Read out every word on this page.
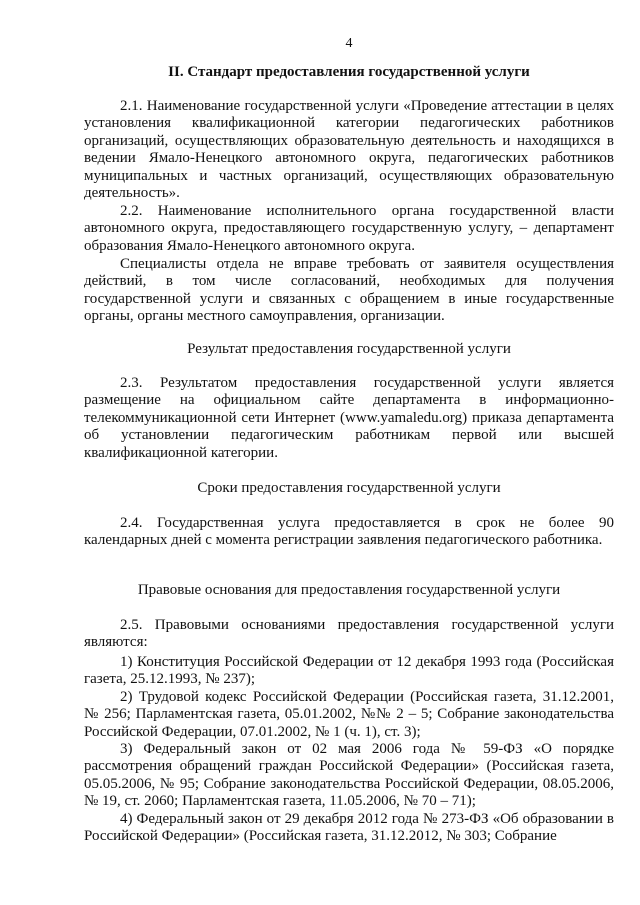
4
II. Стандарт предоставления государственной услуги

2.1. Наименование государственной услуги «Проведение аттестации в целях установления квалификационной категории педагогических работников организаций, осуществляющих образовательную деятельность и находящихся в ведении Ямало-Ненецкого автономного округа, педагогических работников муниципальных и частных организаций, осуществляющих образовательную деятельность».

2.2. Наименование исполнительного органа государственной власти автономного округа, предоставляющего государственную услугу, – департамент образования Ямало-Ненецкого автономного округа.

Специалисты отдела не вправе требовать от заявителя осуществления действий, в том числе согласований, необходимых для получения государственной услуги и связанных с обращением в иные государственные органы, органы местного самоуправления, организации.

Результат предоставления государственной услуги

2.3. Результатом предоставления государственной услуги является размещение на официальном сайте департамента в информационно-телекоммуникационной сети Интернет (www.yamaledu.org) приказа департамента об установлении педагогическим работникам первой или высшей квалификационной категории.

Сроки предоставления государственной услуги

2.4. Государственная услуга предоставляется в срок не более 90 календарных дней с момента регистрации заявления педагогического работника.

Правовые основания для предоставления государственной услуги

2.5. Правовыми основаниями предоставления государственной услуги являются:

1) Конституция Российской Федерации от 12 декабря 1993 года (Российская газета, 25.12.1993, № 237);

2) Трудовой кодекс Российской Федерации (Российская газета, 31.12.2001, № 256; Парламентская газета, 05.01.2002, №№ 2 – 5; Собрание законодательства Российской Федерации, 07.01.2002, № 1 (ч. 1), ст. 3);

3) Федеральный закон от 02 мая 2006 года № 59-ФЗ «О порядке рассмотрения обращений граждан Российской Федерации» (Российская газета, 05.05.2006, № 95; Собрание законодательства Российской Федерации, 08.05.2006, № 19, ст. 2060; Парламентская газета, 11.05.2006, № 70 – 71);

4) Федеральный закон от 29 декабря 2012 года № 273-ФЗ «Об образовании в Российской Федерации» (Российская газета, 31.12.2012, № 303; Собрание
